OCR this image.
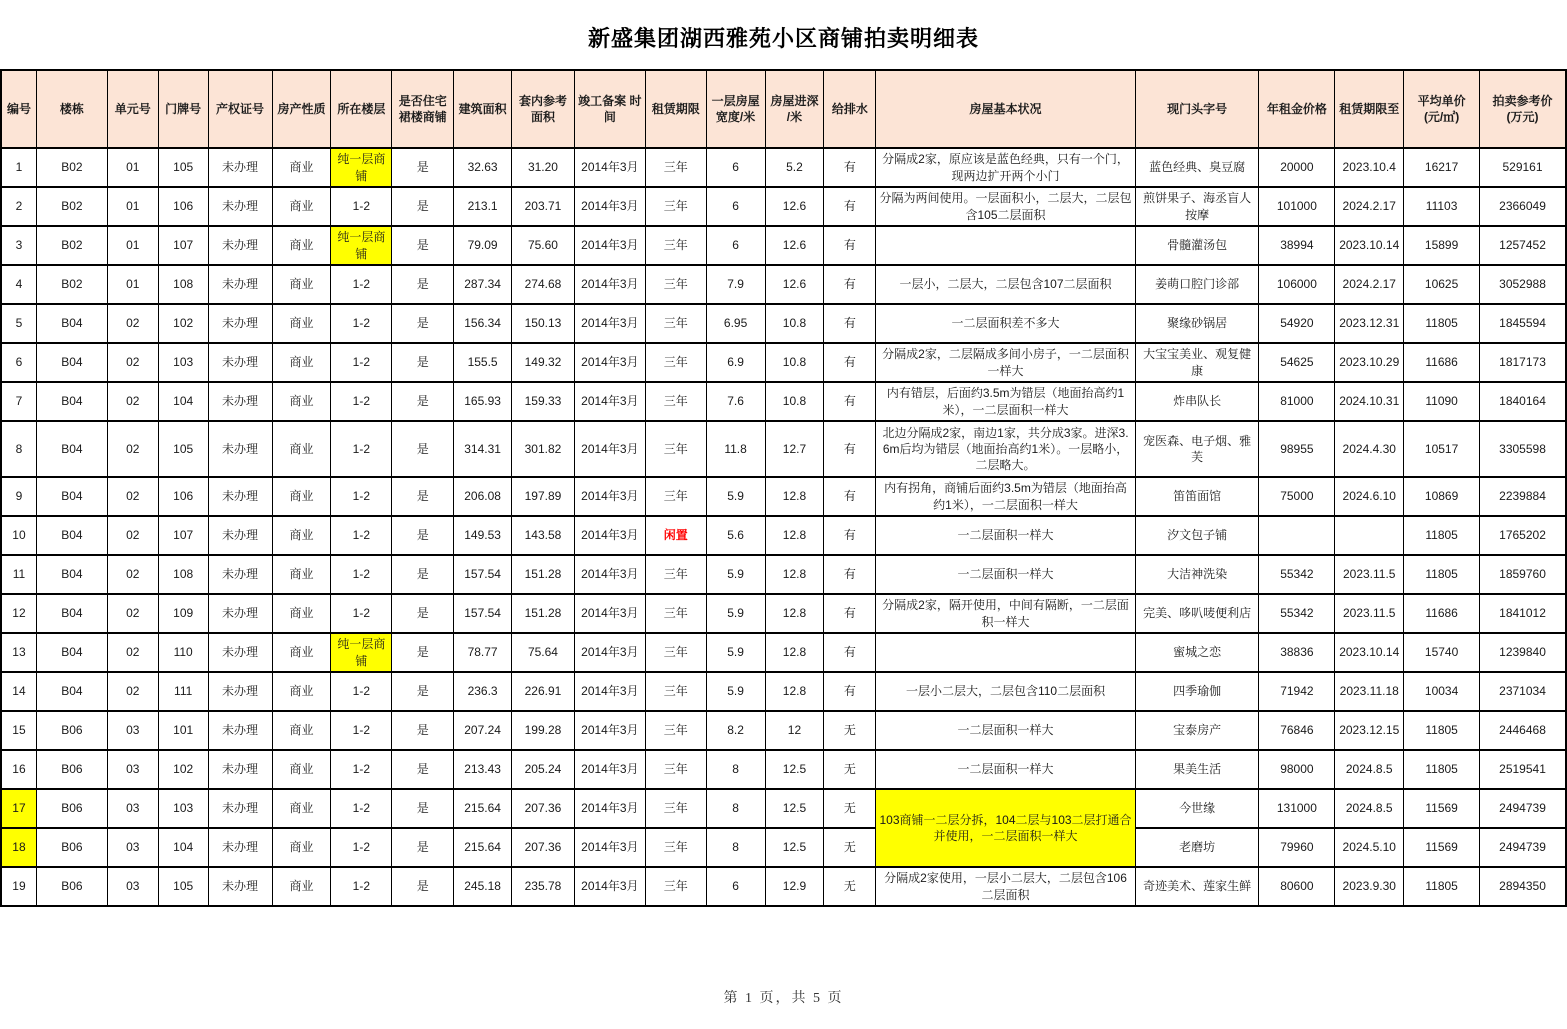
新盛集团湖西雅苑小区商铺拍卖明细表
编号	楼栋	单元号	门牌号	产权证号	房产性质	所在楼层	是否住宅 裙楼商铺	建筑面积	套内参考 面积	竣工备案 时间	租赁期限	一层房屋 宽度/米	房屋进深 /米	给排水	房屋基本状况	现门头字号	年租金价格	租赁期限至	平均单价 (元/㎡)	拍卖参考价 (万元)
1	B02	01	105	未办理	商业	纯一层商铺	是	32.63	31.20	2014年3月	三年	6	5.2	有	分隔成2家，原应该是蓝色经典，只有一个门，现两边扩开两个小门	蓝色经典、臭豆腐	20000	2023.10.4	16217	529161
2	B02	01	106	未办理	商业	1-2	是	213.1	203.71	2014年3月	三年	6	12.6	有	分隔为两间使用。一层面积小，二层大，二层包含105二层面积	煎饼果子、海丞盲人按摩	101000	2024.2.17	11103	2366049
3	B02	01	107	未办理	商业	纯一层商铺	是	79.09	75.60	2014年3月	三年	6	12.6	有		骨髓灌汤包	38994	2023.10.14	15899	1257452
4	B02	01	108	未办理	商业	1-2	是	287.34	274.68	2014年3月	三年	7.9	12.6	有	一层小，二层大，二层包含107二层面积	姜萌口腔门诊部	106000	2024.2.17	10625	3052988
5	B04	02	102	未办理	商业	1-2	是	156.34	150.13	2014年3月	三年	6.95	10.8	有	一二层面积差不多大	聚缘砂锅居	54920	2023.12.31	11805	1845594
6	B04	02	103	未办理	商业	1-2	是	155.5	149.32	2014年3月	三年	6.9	10.8	有	分隔成2家，二层隔成多间小房子，一二层面积一样大	大宝宝美业、观复健康	54625	2023.10.29	11686	1817173
7	B04	02	104	未办理	商业	1-2	是	165.93	159.33	2014年3月	三年	7.6	10.8	有	内有错层，后面约3.5m为错层（地面抬高约1米），一二层面积一样大	炸串队长	81000	2024.10.31	11090	1840164
8	B04	02	105	未办理	商业	1-2	是	314.31	301.82	2014年3月	三年	11.8	12.7	有	北边分隔成2家，南边1家，共分成3家。进深3.6m后均为错层（地面抬高约1米）。一层略小，二层略大。	宠医森、电子烟、雅芙	98955	2024.4.30	10517	3305598
9	B04	02	106	未办理	商业	1-2	是	206.08	197.89	2014年3月	三年	5.9	12.8	有	内有拐角，商铺后面约3.5m为错层（地面抬高约1米），一二层面积一样大	笛笛面馆	75000	2024.6.10	10869	2239884
10	B04	02	107	未办理	商业	1-2	是	149.53	143.58	2014年3月	闲置	5.6	12.8	有	一二层面积一样大	汐文包子铺			11805	1765202
11	B04	02	108	未办理	商业	1-2	是	157.54	151.28	2014年3月	三年	5.9	12.8	有	一二层面积一样大	大洁神洗染	55342	2023.11.5	11805	1859760
12	B04	02	109	未办理	商业	1-2	是	157.54	151.28	2014年3月	三年	5.9	12.8	有	分隔成2家，隔开使用，中间有隔断，一二层面积一样大	完美、哆叭唛便利店	55342	2023.11.5	11686	1841012
13	B04	02	110	未办理	商业	纯一层商铺	是	78.77	75.64	2014年3月	三年	5.9	12.8	有		蜜城之恋	38836	2023.10.14	15740	1239840
14	B04	02	111	未办理	商业	1-2	是	236.3	226.91	2014年3月	三年	5.9	12.8	有	一层小二层大，二层包含110二层面积	四季瑜伽	71942	2023.11.18	10034	2371034
15	B06	03	101	未办理	商业	1-2	是	207.24	199.28	2014年3月	三年	8.2	12	无	一二层面积一样大	宝泰房产	76846	2023.12.15	11805	2446468
16	B06	03	102	未办理	商业	1-2	是	213.43	205.24	2014年3月	三年	8	12.5	无	一二层面积一样大	果美生活	98000	2024.8.5	11805	2519541
17	B06	03	103	未办理	商业	1-2	是	215.64	207.36	2014年3月	三年	8	12.5	无	103商铺一二层分拆，104二层与103二层打通合并使用，一二层面积一样大	今世缘	131000	2024.8.5	11569	2494739
18	B06	03	104	未办理	商业	1-2	是	215.64	207.36	2014年3月	三年	8	12.5	无		老磨坊	79960	2024.5.10	11569	2494739
19	B06	03	105	未办理	商业	1-2	是	245.18	235.78	2014年3月	三年	6	12.9	无	分隔成2家使用，一层小二层大，二层包含106二层面积	奇迹美术、莲家生鲜	80600	2023.9.30	11805	2894350
第 1 页，共 5 页
